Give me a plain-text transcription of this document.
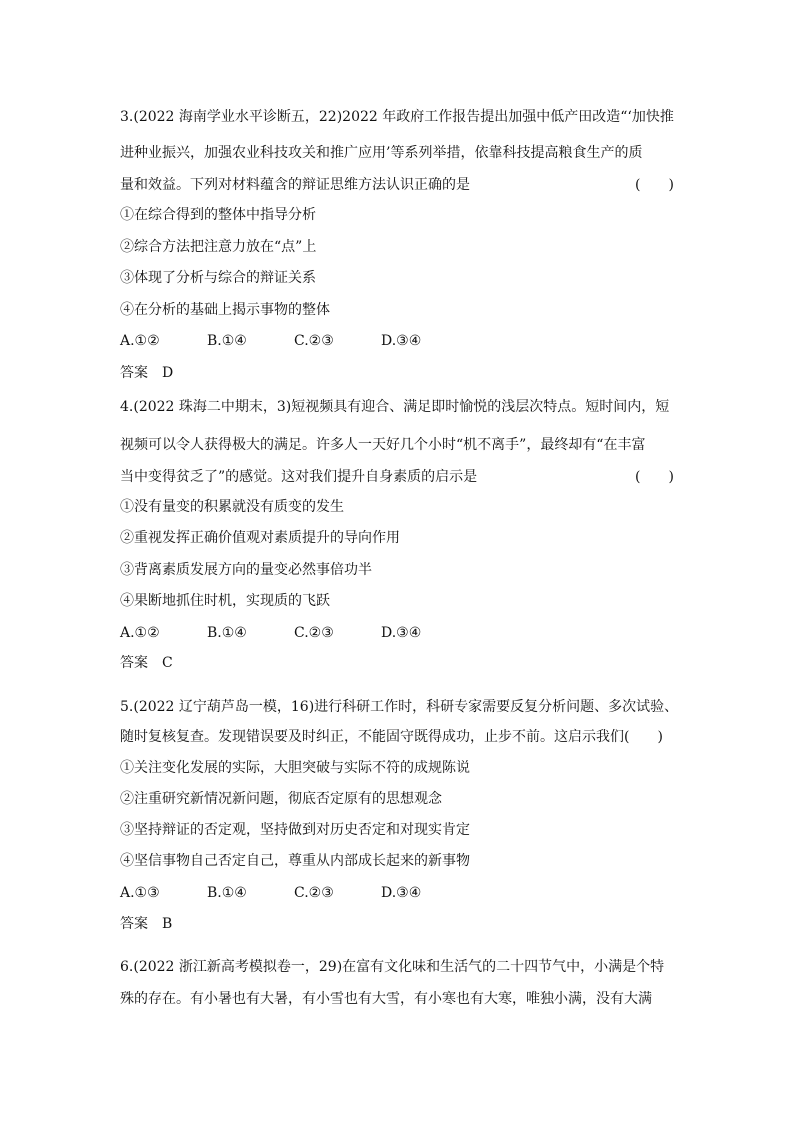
3.(2022 海南学业水平诊断五，22)2022 年政府工作报告提出加强中低产田改造“‘加快推
进种业振兴，加强农业科技攻关和推广应用’等系列举措，依靠科技提高粮食生产的质
量和效益。下列对材料蕴含的辩证思维方法认识正确的是	(　　)
①在综合得到的整体中指导分析
②综合方法把注意力放在“点”上
③体现了分析与综合的辩证关系
④在分析的基础上揭示事物的整体
A.①②	B.①④	C.②③	D.③④
答案 D
4.(2022 珠海二中期末，3)短视频具有迎合、满足即时愉悦的浅层次特点。短时间内，短
视频可以令人获得极大的满足。许多人一天好几个小时“机不离手”，最终却有“在丰富
当中变得贫乏了”的感觉。这对我们提升自身素质的启示是	(　　)
①没有量变的积累就没有质变的发生
②重视发挥正确价值观对素质提升的导向作用
③背离素质发展方向的量变必然事倍功半
④果断地抓住时机，实现质的飞跃
A.①②	B.①④	C.②③	D.③④
答案 C
5.(2022 辽宁葫芦岛一模，16)进行科研工作时，科研专家需要反复分析问题、多次试验、
随时复核复查。发现错误要及时纠正，不能固守既得成功，止步不前。这启示我们(　　)
①关注变化发展的实际，大胆突破与实际不符的成规陈说
②注重研究新情况新问题，彻底否定原有的思想观念
③坚持辩证的否定观，坚持做到对历史否定和对现实肯定
④坚信事物自己否定自己，尊重从内部成长起来的新事物
A.①③	B.①④	C.②③	D.③④
答案 B
6.(2022 浙江新高考模拟卷一，29)在富有文化味和生活气的二十四节气中，小满是个特
殊的存在。有小暑也有大暑，有小雪也有大雪，有小寒也有大寒，唯独小满，没有大满
